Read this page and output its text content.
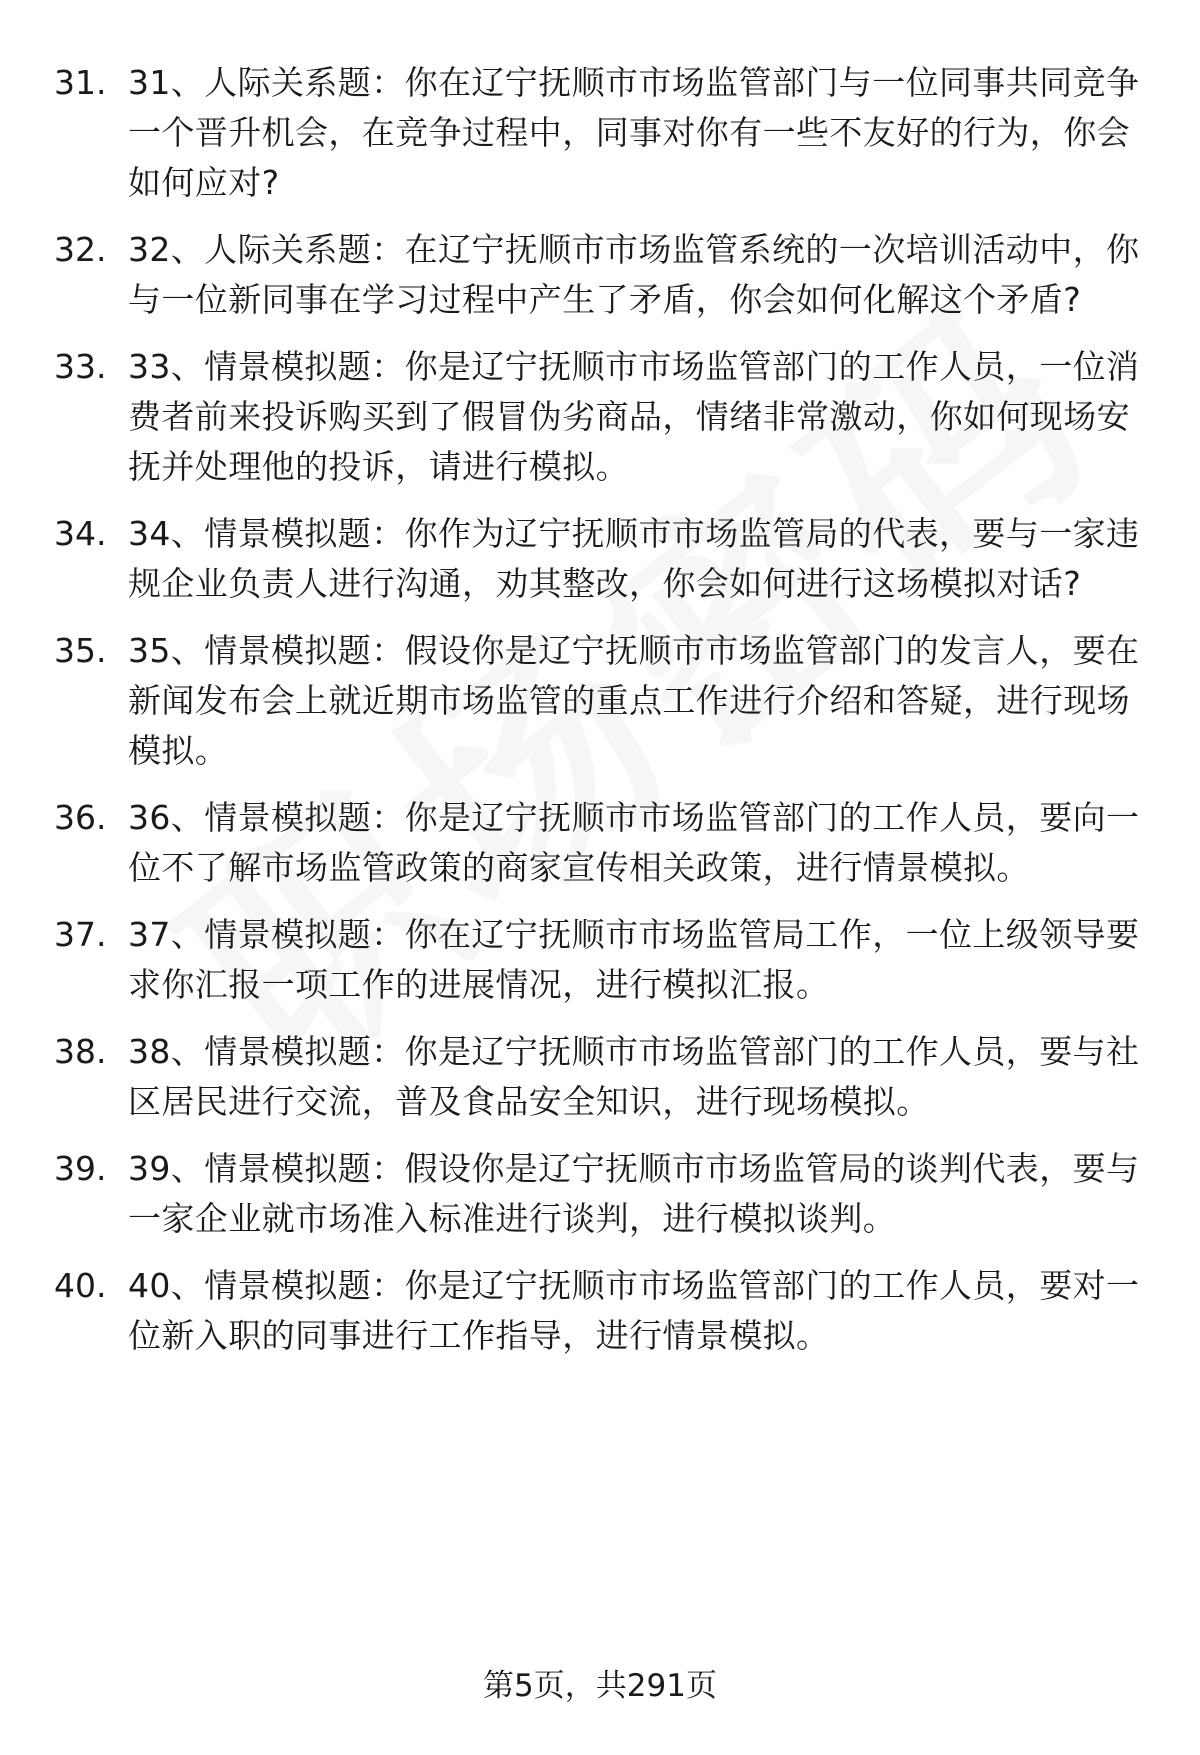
31. 31、人际关系题：你在辽宁抚顺市市场监管部门与一位同事共同竞争一个晋升机会，在竞争过程中，同事对你有一些不友好的行为，你会如何应对?
32. 32、人际关系题：在辽宁抚顺市市场监管系统的一次培训活动中，你与一位新同事在学习过程中产生了矛盾，你会如何化解这个矛盾?
33. 33、情景模拟题：你是辽宁抚顺市市场监管部门的工作人员，一位消费者前来投诉购买到了假冒伪劣商品，情绪非常激动，你如何现场安抚并处理他的投诉，请进行模拟。
34. 34、情景模拟题：你作为辽宁抚顺市市场监管局的代表，要与一家违规企业负责人进行沟通，劝其整改，你会如何进行这场模拟对话?
35. 35、情景模拟题：假设你是辽宁抚顺市市场监管部门的发言人，要在新闻发布会上就近期市场监管的重点工作进行介绍和答疑，进行现场模拟。
36. 36、情景模拟题：你是辽宁抚顺市市场监管部门的工作人员，要向一位不了解市场监管政策的商家宣传相关政策，进行情景模拟。
37. 37、情景模拟题：你在辽宁抚顺市市场监管局工作，一位上级领导要求你汇报一项工作的进展情况，进行模拟汇报。
38. 38、情景模拟题：你是辽宁抚顺市市场监管部门的工作人员，要与社区居民进行交流，普及食品安全知识，进行现场模拟。
39. 39、情景模拟题：假设你是辽宁抚顺市市场监管局的谈判代表，要与一家企业就市场准入标准进行谈判，进行模拟谈判。
40. 40、情景模拟题：你是辽宁抚顺市市场监管部门的工作人员，要对一位新入职的同事进行工作指导，进行情景模拟。
第5页，共291页
